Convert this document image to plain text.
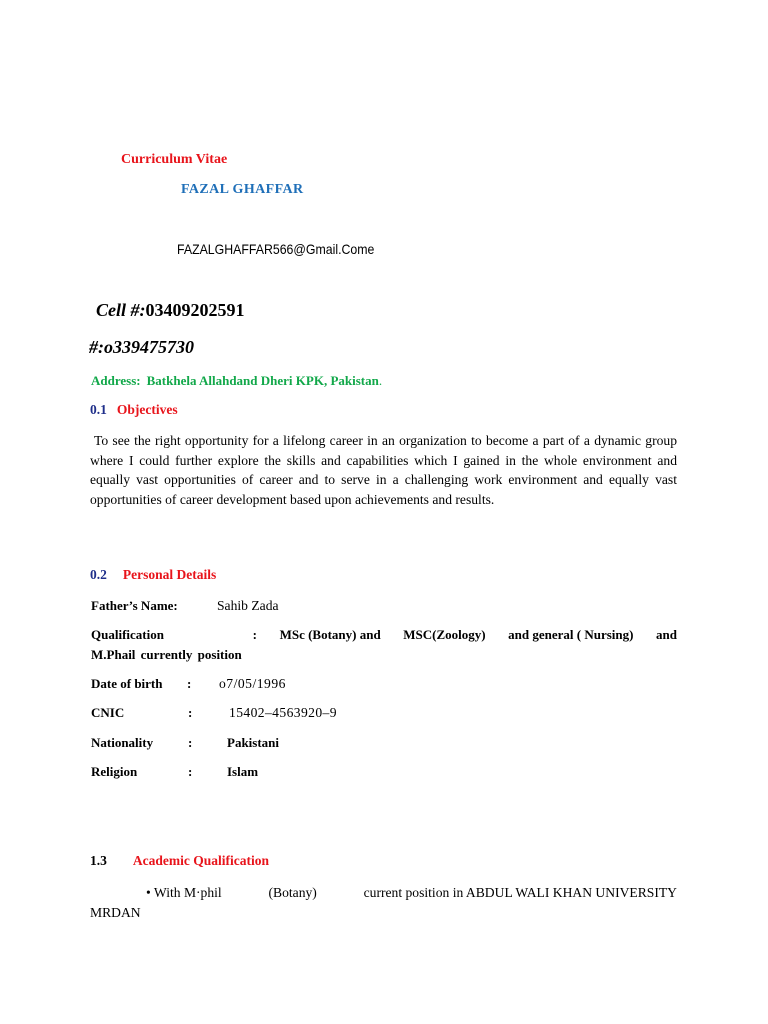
Curriculum Vitae
FAZAL GHAFFAR
FAZALGHAFFAR566@Gmail.Come
Cell #:03409202591
#:o339475730
Address: Batkhela Allahdand Dheri KPK, Pakistan.
0.1 Objectives

To see the right opportunity for a lifelong career in an organization to become a part of a dynamic group where I could further explore the skills and capabilities which I gained in the whole environment and equally vast opportunities of career and to serve in a challenging work environment and equally vast opportunities of career development based upon achievements and results.

0.2 Personal Details
Father’s Name:	Sahib Zada
Qualification	: MSc (Botany) and MSC(Zoology) and general ( Nursing) and
M.Phail currently position
Date of birth : o7/05/1996
CNIC	:	15402–4563920–9
Nationality	:	Pakistani
Religion	:	Islam
1.3 Academic Qualification
• With M·phil	(Botany)	current position in ABDUL WALI KHAN UNIVERSITY
MRDAN
